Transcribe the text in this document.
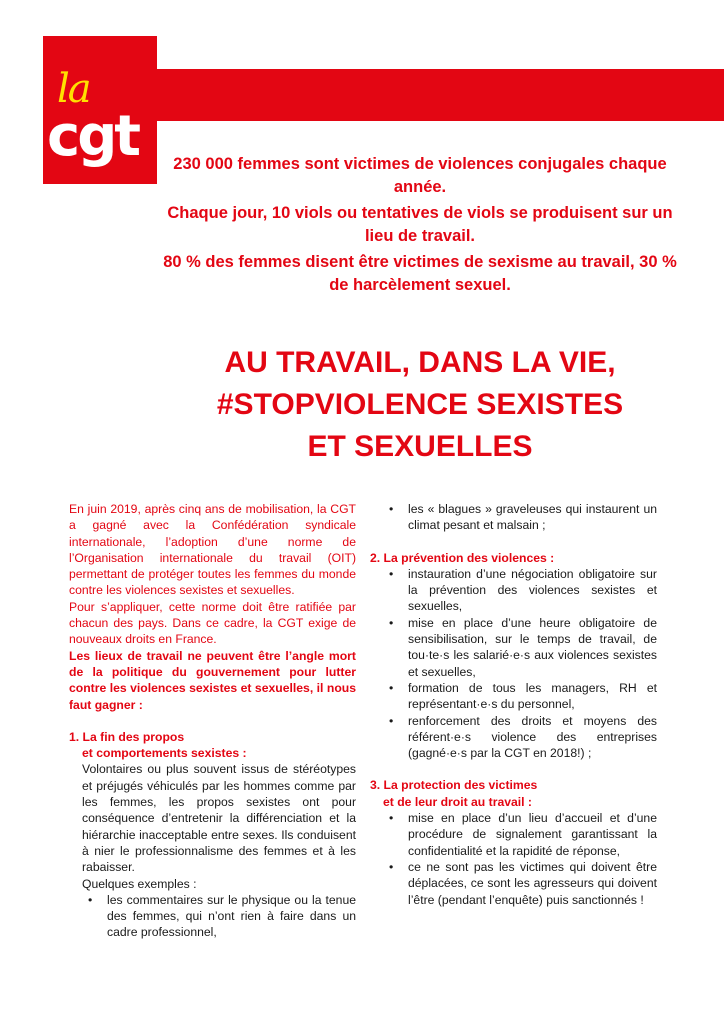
la
cgt	230 000 femmes sont victimes de violences conjugales chaque année.

Chaque jour, 10 viols ou tentatives de viols se produisent sur un lieu de travail.

80 % des femmes disent être victimes de sexisme au travail, 30 % de harcèlement sexuel.

AU TRAVAIL, DANS LA VIE,
#STOPVIOLENCE SEXISTES
ET SEXUELLES

En juin 2019, après cinq ans de mobilisation, la CGT a gagné avec la Confédération syndicale internationale, l’adoption d’une norme de l’Organisation internationale du travail (OIT) permettant de protéger toutes les femmes du monde contre les violences sexistes et sexuelles.

Pour s’appliquer, cette norme doit être ratifiée par chacun des pays. Dans ce cadre, la CGT exige de nouveaux droits en France.

Les lieux de travail ne peuvent être l’angle mort de la politique du gouvernement pour lutter contre les violences sexistes et sexuelles, il nous faut gagner :

1. La fin des propos

et comportements sexistes :

Volontaires ou plus souvent issus de stéréotypes et préjugés véhiculés par les hommes comme par les femmes, les propos sexistes ont pour conséquence d’entretenir la différenciation et la hiérarchie inacceptable entre sexes. Ils conduisent à nier le professionnalisme des femmes et à les rabaisser.

Quelques exemples :

• les commentaires sur le physique ou la tenue des femmes, qui n’ont rien à faire dans un cadre professionnel,
• les « blagues » graveleuses qui instaurent un climat pesant et malsain ;

2. La prévention des violences :

• instauration d’une négociation obligatoire sur la prévention des violences sexistes et sexuelles,
• mise en place d’une heure obligatoire de sensibilisation, sur le temps de travail, de tou·te·s les salarié·e·s aux violences sexistes et sexuelles,
• formation de tous les managers, RH et représentant·e·s du personnel,
• renforcement des droits et moyens des référent·e·s violence des entreprises (gagné·e·s par la CGT en 2018!) ;

3. La protection des victimes

et de leur droit au travail :

• mise en place d’un lieu d’accueil et d’une procédure de signalement garantissant la confidentialité et la rapidité de réponse,
• ce ne sont pas les victimes qui doivent être déplacées, ce sont les agresseurs qui doivent l’être (pendant l’enquête) puis sanctionnés !
